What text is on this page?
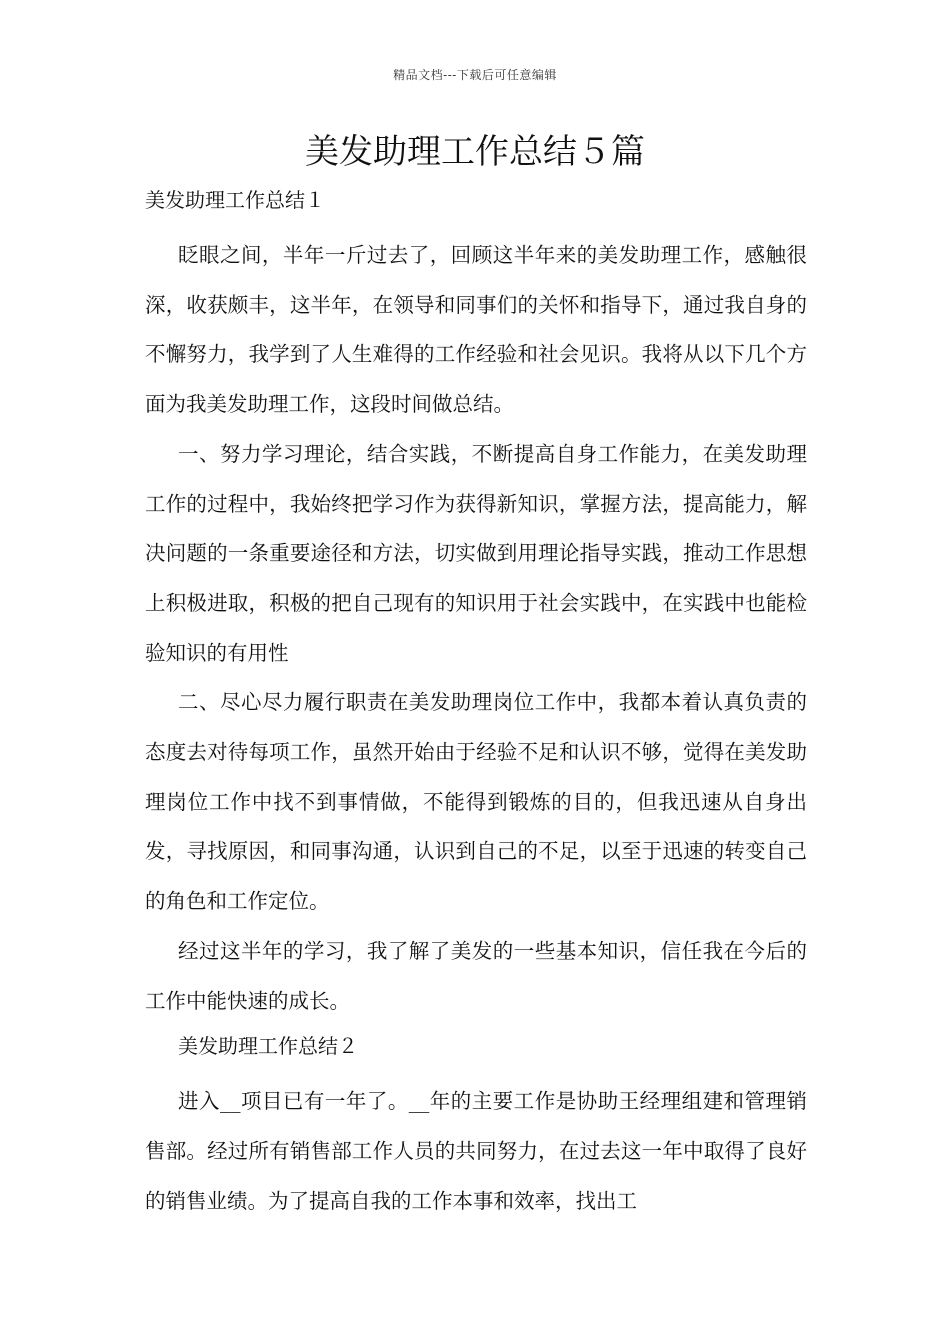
精品文档---下载后可任意编辑
美发助理工作总结５篇
美发助理工作总结１

眨眼之间，半年一斤过去了，回顾这半年来的美发助理工作，感触很深，收获颇丰，这半年，在领导和同事们的关怀和指导下，通过我自身的不懈努力，我学到了人生难得的工作经验和社会见识。我将从以下几个方面为我美发助理工作，这段时间做总结。

一、努力学习理论，结合实践，不断提高自身工作能力，在美发助理工作的过程中，我始终把学习作为获得新知识，掌握方法，提高能力，解决问题的一条重要途径和方法，切实做到用理论指导实践，推动工作思想上积极进取，积极的把自己现有的知识用于社会实践中，在实践中也能检验知识的有用性

二、尽心尽力履行职责在美发助理岗位工作中，我都本着认真负责的态度去对待每项工作，虽然开始由于经验不足和认识不够，觉得在美发助理岗位工作中找不到事情做，不能得到锻炼的目的，但我迅速从自身出发，寻找原因，和同事沟通，认识到自己的不足，以至于迅速的转变自己的角色和工作定位。

经过这半年的学习，我了解了美发的一些基本知识，信任我在今后的工作中能快速的成长。

美发助理工作总结２

进入__项目已有一年了。__年的主要工作是协助王经理组建和管理销售部。经过所有销售部工作人员的共同努力，在过去这一年中取得了良好的销售业绩。为了提高自我的工作本事和效率，找出工
